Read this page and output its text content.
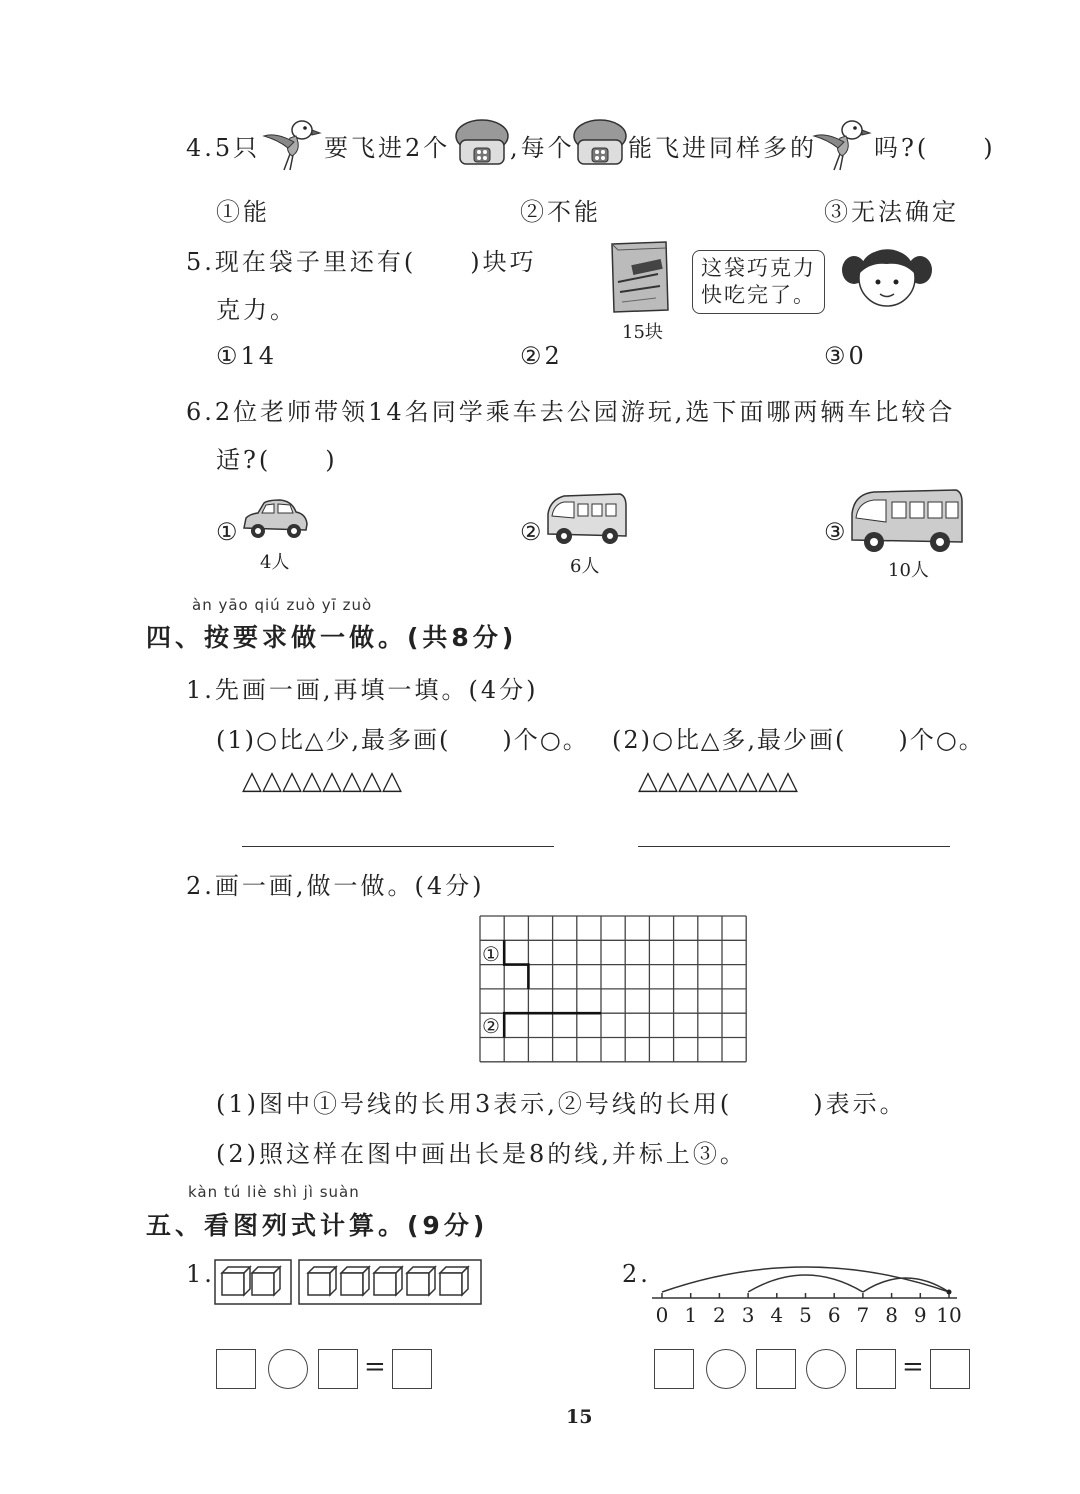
4.5只	要飞进2个 ,每个 能飞进同样多的 吗?(　　)
①能	②不能	③无法确定
5.现在袋子里还有(　　)块巧
克力。
15块
这袋巧克力
快吃完了。
①14	②2	③0
6.2位老师带领14名同学乘车去公园游玩,选下面哪两辆车比较合
适?(　　)
①
4人
②
6人
③
10人
àn yāo qiú zuò yī zuò
四、按要求做一做。(共8分)
1.先画一画,再填一填。(4分)
(1)○比△少,最多画(　　)个○。 (2)○比△多,最少画(　　)个○。
△△△△△△△△	△△△△△△△△
2.画一画,做一做。(4分)
①
②
(1)图中①号线的长用3表示,②号线的长用(　　　)表示。
(2)照这样在图中画出长是8的线,并标上③。
kàn tú liè shì jì suàn
五、看图列式计算。(9分)
1.
=
2.
0 1 2 3 4 5 6 7 8 9 10
=
15
